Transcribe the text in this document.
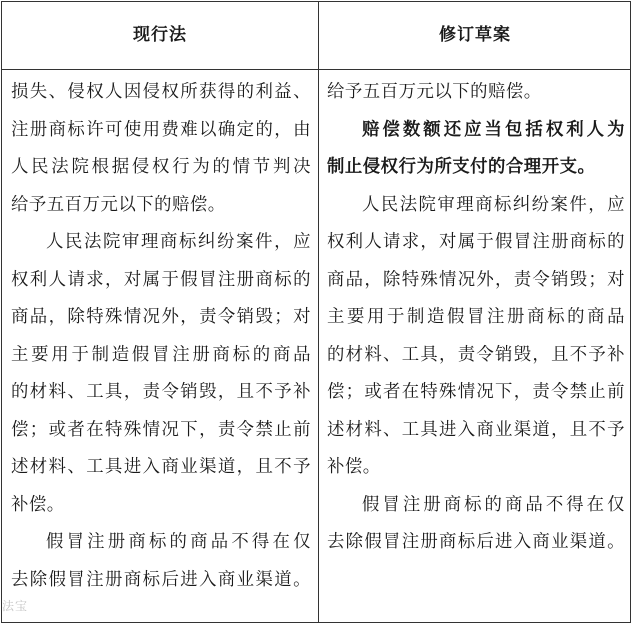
现行法	修订草案
损失、侵权人因侵权所获得的利益、
注册商标许可使用费难以确定的，由
人民法院根据侵权行为的情节判决
给予五百万元以下的赔偿。
人民法院审理商标纠纷案件，应
权利人请求，对属于假冒注册商标的
商品，除特殊情况外，责令销毁；对
主要用于制造假冒注册商标的商品
的材料、工具，责令销毁，且不予补
偿；或者在特殊情况下，责令禁止前
述材料、工具进入商业渠道，且不予
补偿。
假冒注册商标的商品不得在仅
去除假冒注册商标后进入商业渠道。
给予五百万元以下的赔偿。
赔偿数额还应当包括权利人为
制止侵权行为所支付的合理开支。
人民法院审理商标纠纷案件，应
权利人请求，对属于假冒注册商标的
商品，除特殊情况外，责令销毁；对
主要用于制造假冒注册商标的商品
的材料、工具，责令销毁，且不予补
偿；或者在特殊情况下，责令禁止前
述材料、工具进入商业渠道，且不予
补偿。
假冒注册商标的商品不得在仅
去除假冒注册商标后进入商业渠道。
法宝
